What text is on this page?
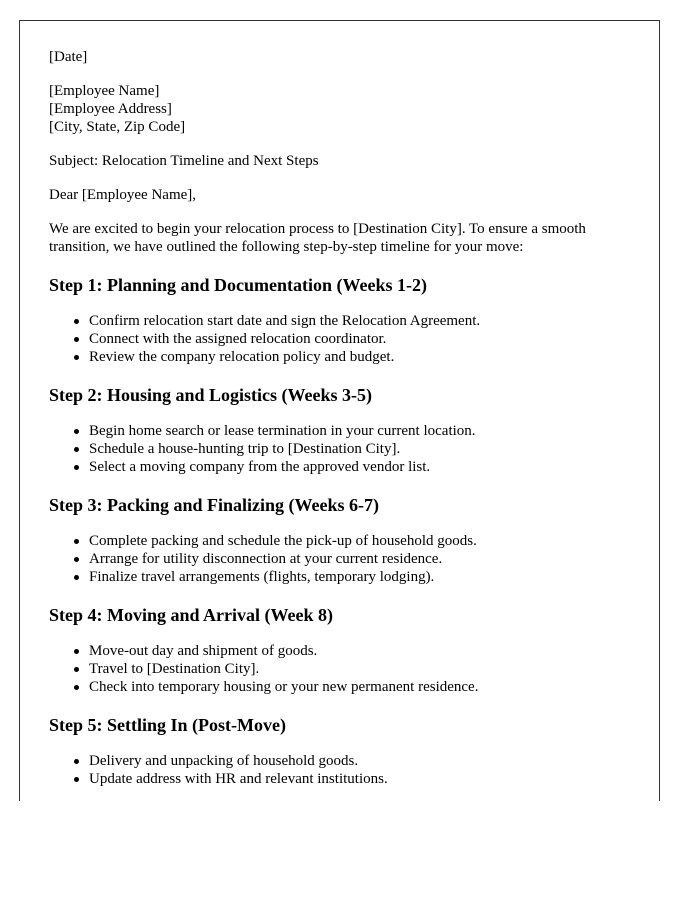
[Date]
[Employee Name]
[Employee Address]
[City, State, Zip Code]
Subject: Relocation Timeline and Next Steps
Dear [Employee Name],
We are excited to begin your relocation process to [Destination City]. To ensure a smooth transition, we have outlined the following step-by-step timeline for your move:
Step 1: Planning and Documentation (Weeks 1-2)
Confirm relocation start date and sign the Relocation Agreement.
Connect with the assigned relocation coordinator.
Review the company relocation policy and budget.
Step 2: Housing and Logistics (Weeks 3-5)
Begin home search or lease termination in your current location.
Schedule a house-hunting trip to [Destination City].
Select a moving company from the approved vendor list.
Step 3: Packing and Finalizing (Weeks 6-7)
Complete packing and schedule the pick-up of household goods.
Arrange for utility disconnection at your current residence.
Finalize travel arrangements (flights, temporary lodging).
Step 4: Moving and Arrival (Week 8)
Move-out day and shipment of goods.
Travel to [Destination City].
Check into temporary housing or your new permanent residence.
Step 5: Settling In (Post-Move)
Delivery and unpacking of household goods.
Update address with HR and relevant institutions.
